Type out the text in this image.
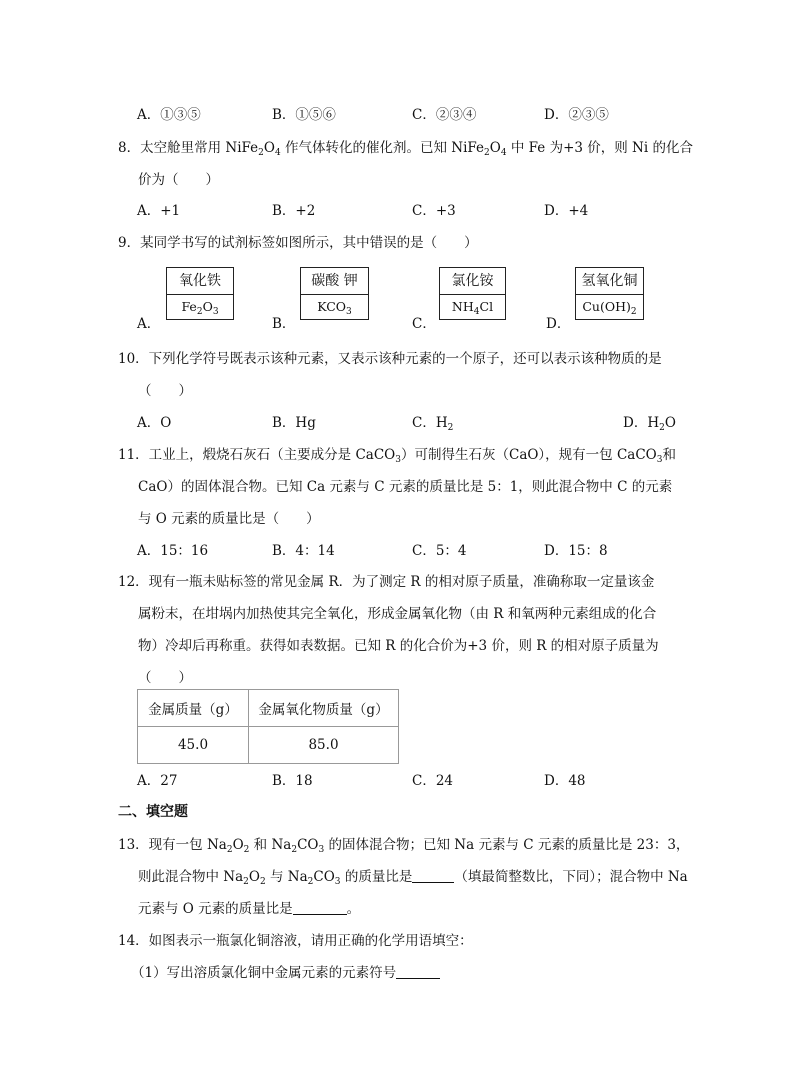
A．①③⑤	B．①⑤⑥	C．②③④	D．②③⑤
8．太空舱里常用 $NiFe_2O_4$ 作气体转化的催化剂。已知 $NiFe_2O_4$ 中 Fe 为+3 价，则 Ni 的化合
价为（　　）
A．+1	B．+2	C．+3	D．+4
9．某同学书写的试剂标签如图所示，其中错误的是（　　）
A．
氧化铁
$Fe_2O_3$
B．
碳酸 钾
$KCO_3$
C．
氯化铵
$NH_4Cl$
D．
氢氧化铜
$Cu(OH)_2$
10．下列化学符号既表示该种元素，又表示该种元素的一个原子，还可以表示该种物质的是
（　　）
A．O	B．Hg	C．$H_2$	D．$H_2O$
11．工业上，煅烧石灰石（主要成分是 CaCO$_3$）可制得生石灰（CaO），规有一包 CaCO$_3$和
CaO）的固体混合物。已知 Ca 元素与 C 元素的质量比是 5：1，则此混合物中 C 的元素
与 O 元素的质量比是（　　）
A．15：16	B．4：14	C．5：4	D．15：8
12．现有一瓶未贴标签的常见金属 R．为了测定 R 的相对原子质量，准确称取一定量该金
属粉末，在坩埚内加热使其完全氧化，形成金属氧化物（由 R 和氧两种元素组成的化合
物）冷却后再称重。获得如表数据。已知 R 的化合价为+3 价，则 R 的相对原子质量为
（　　）
金属质量（g）	金属氧化物质量（g）
45.0	85.0
A．27	B．18	C．24	D．48
二、填空题
13．现有一包 $Na_2O_2$ 和 $Na_2CO_3$ 的固体混合物；已知 Na 元素与 C 元素的质量比是 23：3，
则此混合物中 $Na_2O_2$ 与 $Na_2CO_3$ 的质量比是	（填最简整数比，下同）；混合物中 Na
元素与 O 元素的质量比是	。
14．如图表示一瓶氯化铜溶液，请用正确的化学用语填空：
（1）写出溶质氯化铜中金属元素的元素符号
